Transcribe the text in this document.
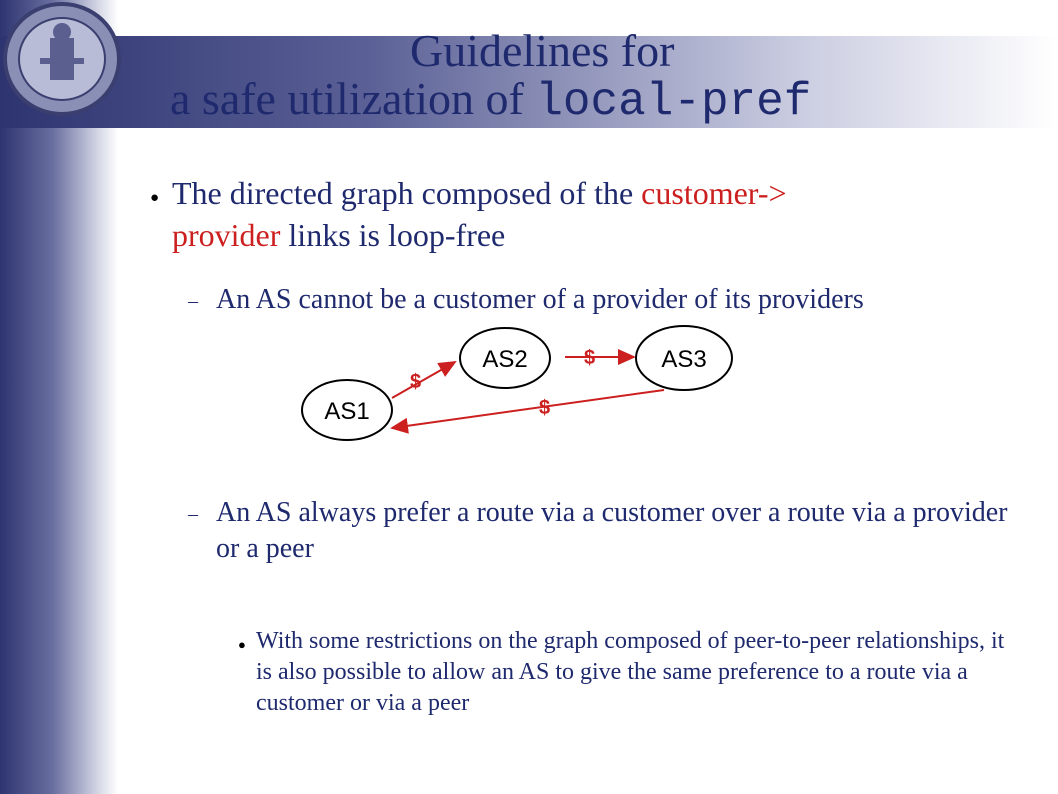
Guidelines for
a safe utilization of local-pref
● The directed graph composed of the customer->
provider links is loop-free
– An AS cannot be a customer of a provider of its providers
AS1
AS2	AS3
$
$
$
– An AS always prefer a route via a customer over a route via a provider or a peer
● With some restrictions on the graph composed of peer-to-peer relationships, it is also possible to allow an AS to give the same preference to a route via a customer or via a peer
